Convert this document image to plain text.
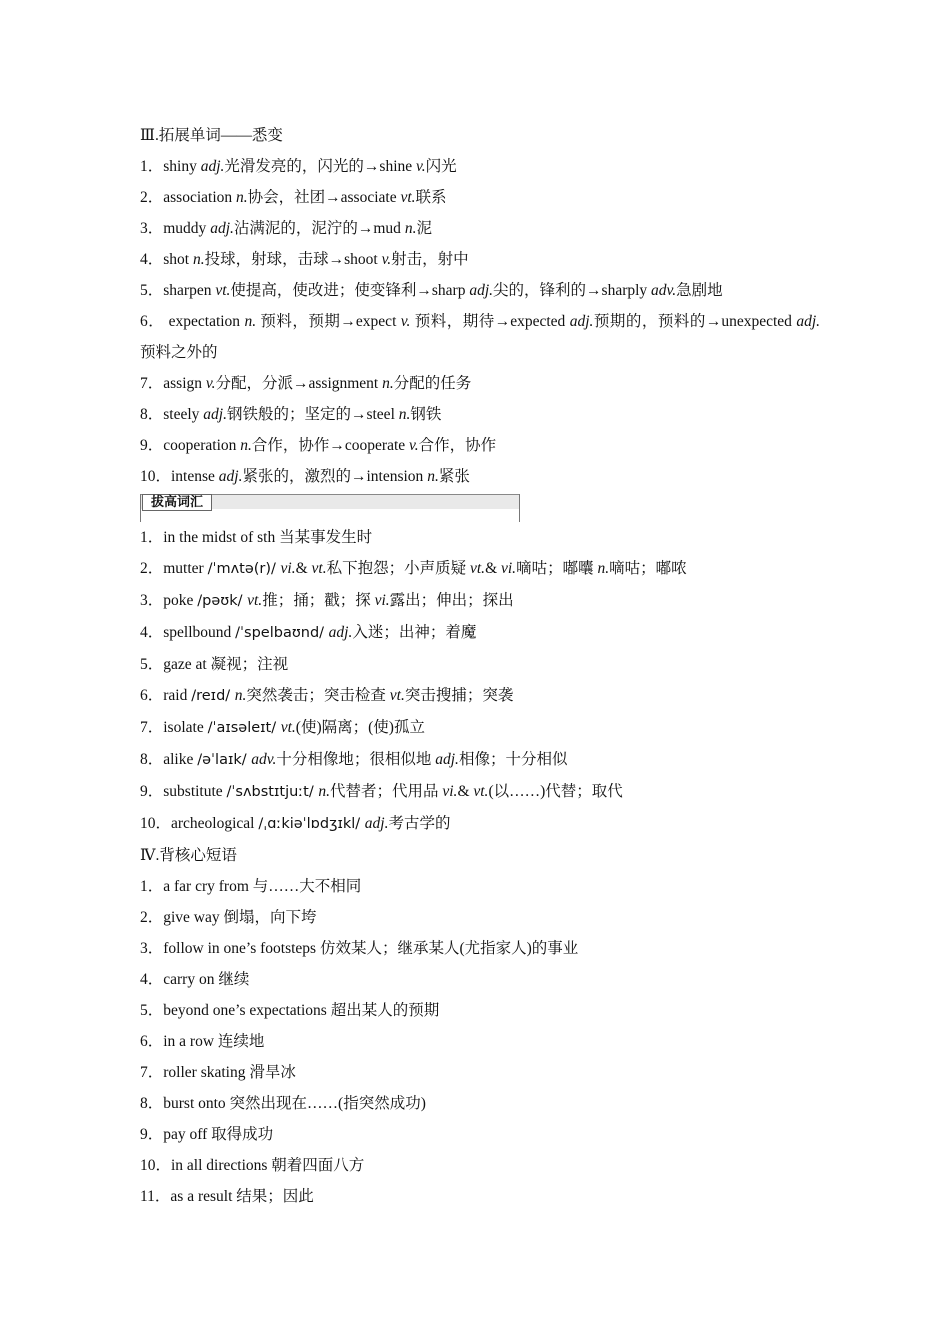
Ⅲ.拓展单词——悉变
1．shiny adj.光滑发亮的，闪光的→shine v.闪光
2．association n.协会，社团→associate vt.联系
3．muddy adj.沾满泥的，泥泞的→mud n.泥
4．shot n.投球，射球，击球→shoot v.射击，射中
5．sharpen vt.使提高，使改进；使变锋利→sharp adj.尖的，锋利的→sharply adv.急剧地
6． expectation n. 预料，预期→expect v. 预料，期待→expected adj.预期的，预料的→unexpected adj.预料之外的
7．assign v.分配，分派→assignment n.分配的任务
8．steely adj.钢铁般的；坚定的→steel n.钢铁
9．cooperation n.合作，协作→cooperate v.合作，协作
10．intense adj.紧张的，激烈的→intension n.紧张
拔高词汇
1．in the midst of sth 当某事发生时
2．mutter /ˈmʌtə(r)/ vi.& vt.私下抱怨；小声质疑 vt.& vi.嘀咕；嘟囔 n.嘀咕；嘟哝
3．poke /pəʊk/ vt.推；捅；戳；探 vi.露出；伸出；探出
4．spellbound /ˈspelbaʊnd/ adj.入迷；出神；着魔
5．gaze at 凝视；注视
6．raid /reɪd/ n.突然袭击；突击检查 vt.突击搜捕；突袭
7．isolate /ˈaɪsəleɪt/ vt.(使)隔离；(使)孤立
8．alike /əˈlaɪk/ adv.十分相像地；很相似地 adj.相像；十分相似
9．substitute /ˈsʌbstɪtjuːt/ n.代替者；代用品 vi.& vt.(以……)代替；取代
10．archeological /ˌɑːkiəˈlɒdʒɪkl/ adj.考古学的
Ⅳ.背核心短语
1．a far cry from 与……大不相同
2．give way 倒塌，向下垮
3．follow in one’s footsteps 仿效某人；继承某人(尤指家人)的事业
4．carry on 继续
5．beyond one’s expectations 超出某人的预期
6．in a row 连续地
7．roller skating 滑旱冰
8．burst onto 突然出现在……(指突然成功)
9．pay off 取得成功
10．in all directions 朝着四面八方
11．as a result 结果；因此
